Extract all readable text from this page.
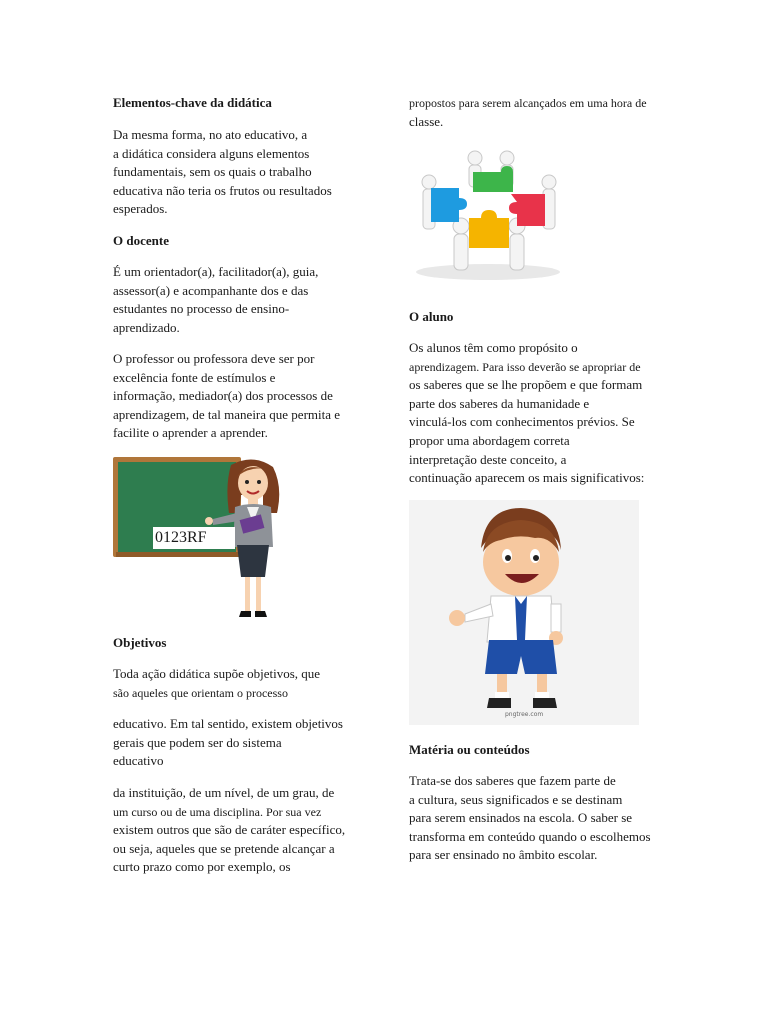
Elementos-chave da didática
Da mesma forma, no ato educativo, a
a didática considera alguns elementos
fundamentais, sem os quais o trabalho
educativa não teria os frutos ou resultados
esperados.
O docente
É um orientador(a), facilitador(a), guia,
assessor(a) e acompanhante dos e das
estudantes no processo de ensino-
aprendizado.
O professor ou professora deve ser por
excelência fonte de estímulos e
informação, mediador(a) dos processos de
aprendizagem, de tal maneira que permita e
facilite o aprender a aprender.
0123RF
Objetivos
Toda ação didática supõe objetivos, que
são aqueles que orientam o processo
educativo. Em tal sentido, existem objetivos
gerais que podem ser do sistema
educativo
da instituição, de um nível, de um grau, de
um curso ou de uma disciplina. Por sua vez
existem outros que são de caráter específico,
ou seja, aqueles que se pretende alcançar a
curto prazo como por exemplo, os
propostos para serem alcançados em uma hora de
classe.
O aluno
Os alunos têm como propósito o
aprendizagem. Para isso deverão se apropriar de
os saberes que se lhe propõem e que formam
parte dos saberes da humanidade e
vinculá-los com conhecimentos prévios. Se
propor uma abordagem correta
interpretação deste conceito, a
continuação aparecem os mais significativos:
pngtree.com
Matéria ou conteúdos
Trata-se dos saberes que fazem parte de
a cultura, seus significados e se destinam
para serem ensinados na escola. O saber se
transforma em conteúdo quando o escolhemos
para ser ensinado no âmbito escolar.
